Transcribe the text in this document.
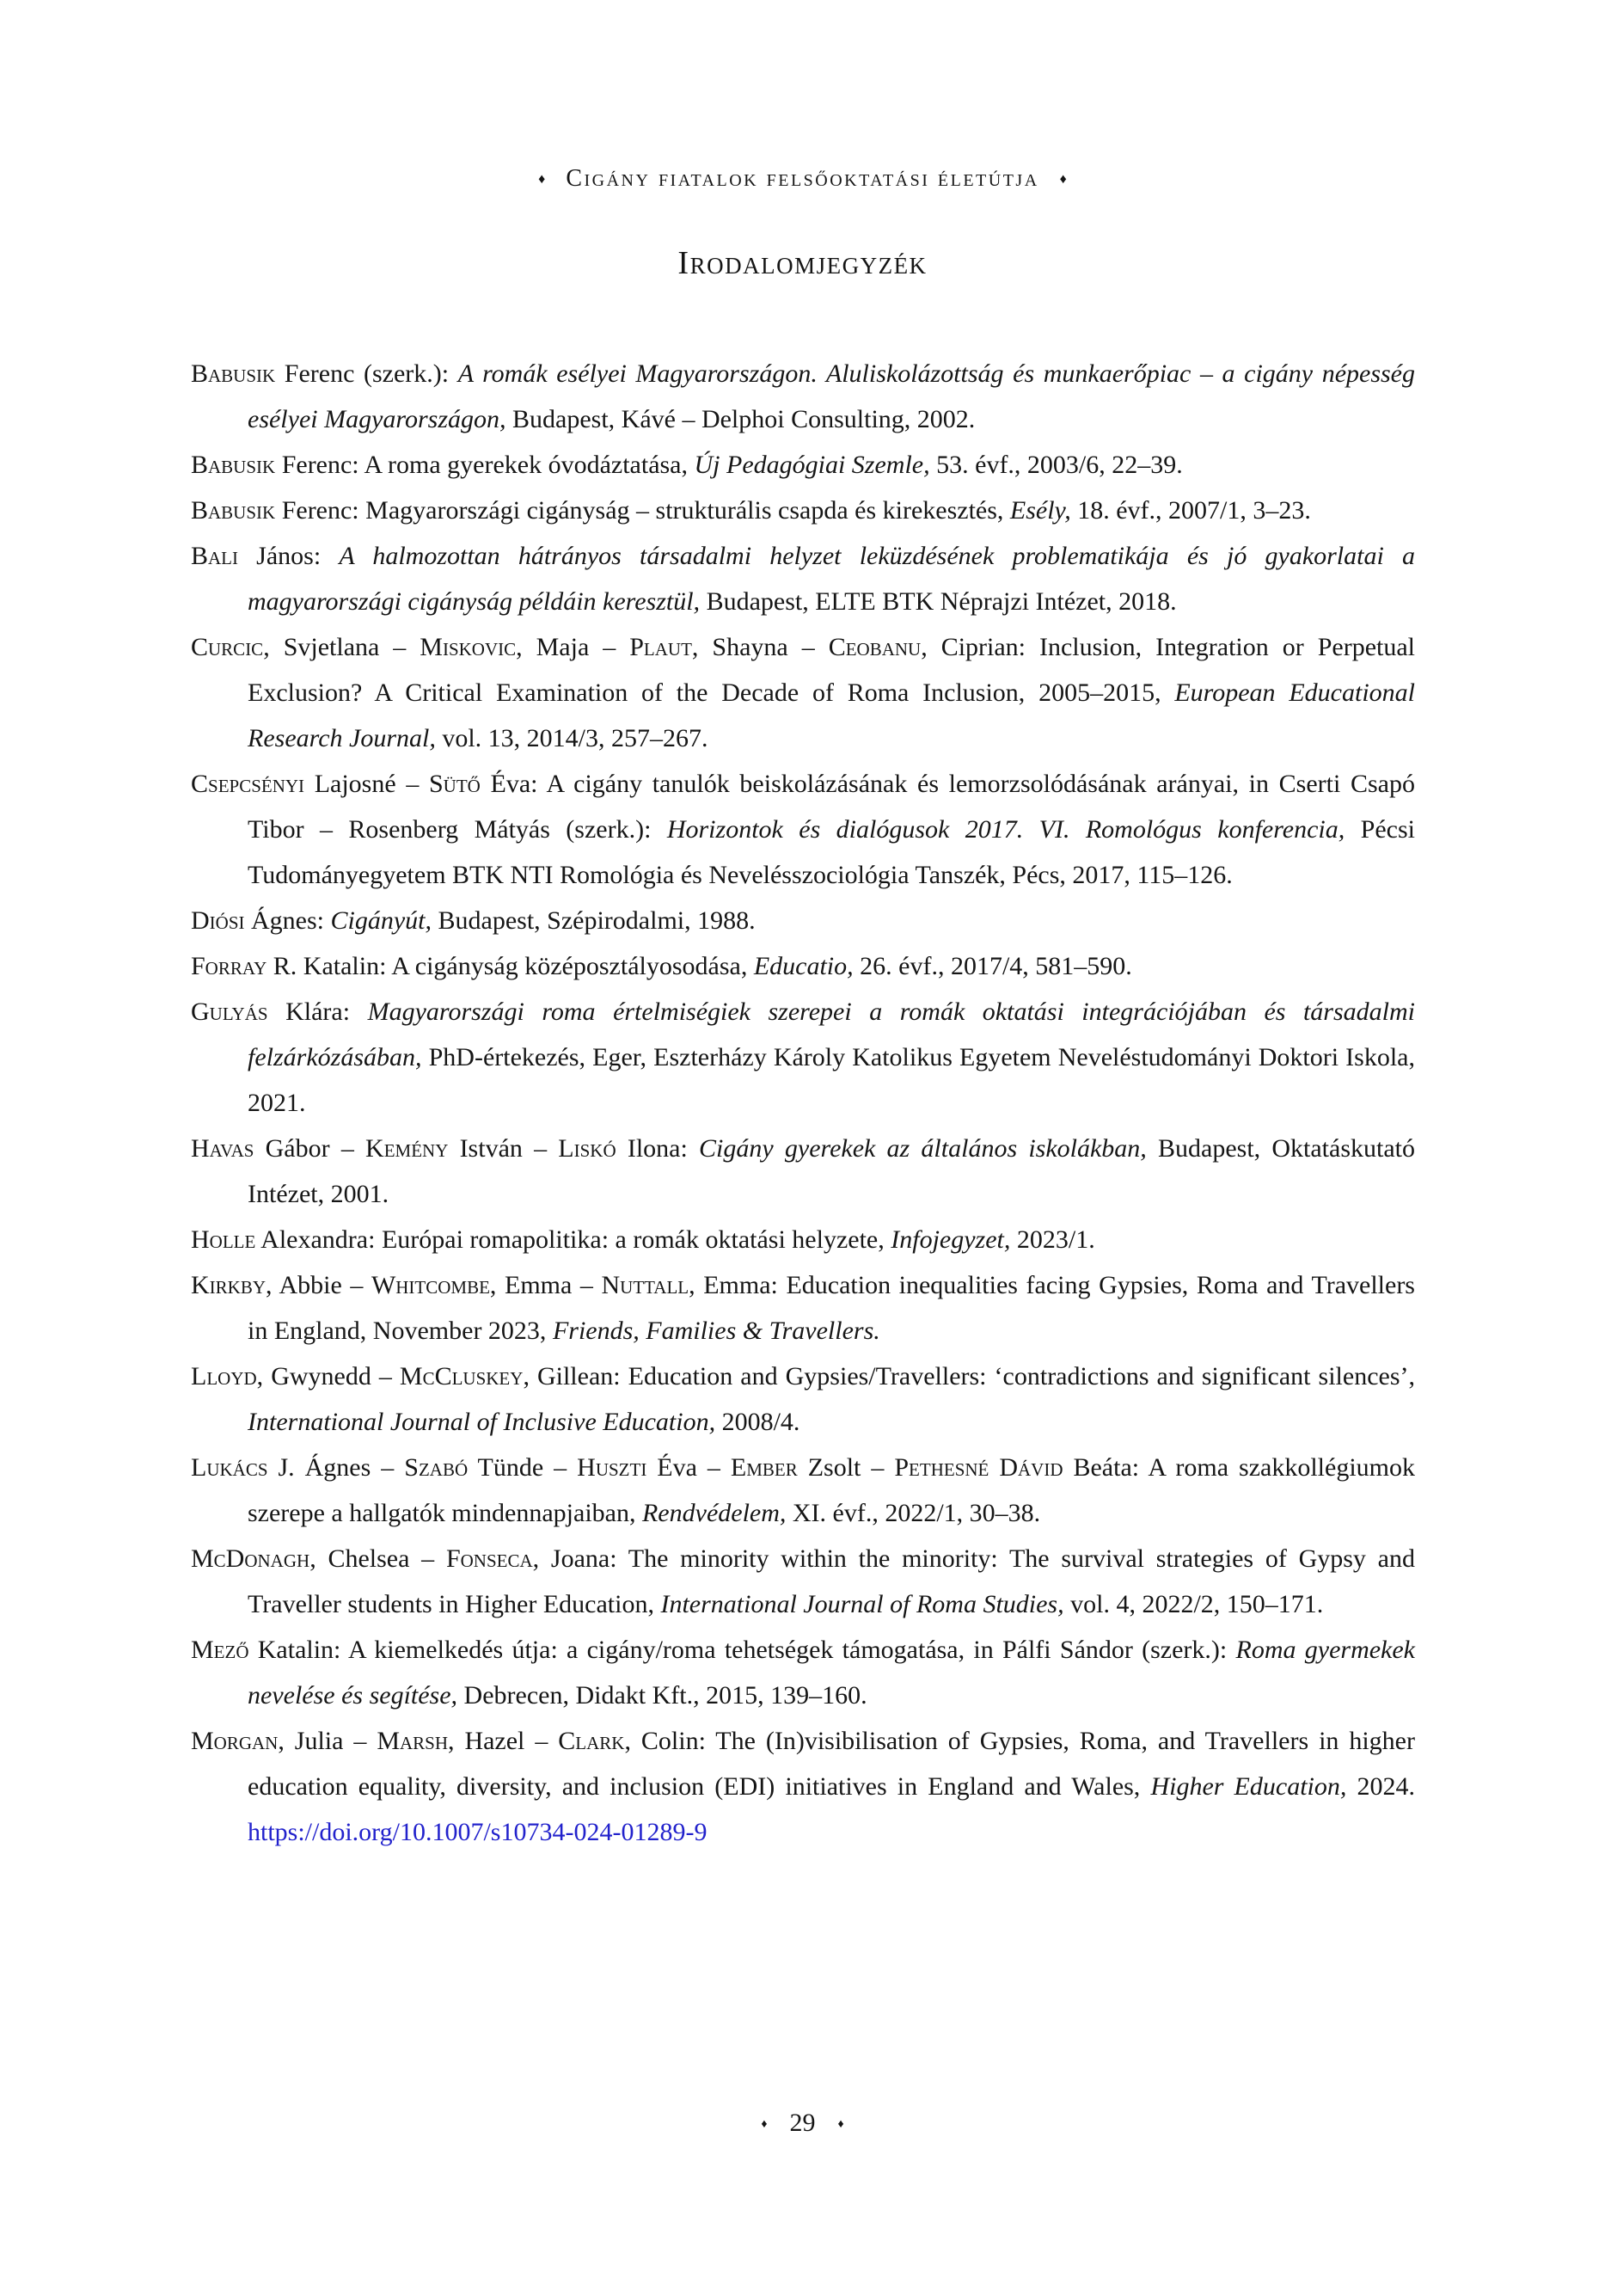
♦ Cigány fiatalok felsőoktatási életútja ♦
Irodalomjegyzék

Babusik Ferenc (szerk.): A romák esélyei Magyarországon. Aluliskolázottság és munkaerőpiac – a cigány népesség esélyei Magyarországon, Budapest, Kávé – Delphoi Consulting, 2002.

Babusik Ferenc: A roma gyerekek óvodáztatása, Új Pedagógiai Szemle, 53. évf., 2003/6, 22–39.

Babusik Ferenc: Magyarországi cigányság – strukturális csapda és kirekesztés, Esély, 18. évf., 2007/1, 3–23.

Bali János: A halmozottan hátrányos társadalmi helyzet leküzdésének problematikája és jó gyakorlatai a magyarországi cigányság példáin keresztül, Budapest, ELTE BTK Néprajzi Intézet, 2018.

Curcic, Svjetlana – Miskovic, Maja – Plaut, Shayna – Ceobanu, Ciprian: Inclusion, Integration or Perpetual Exclusion? A Critical Examination of the Decade of Roma Inclusion, 2005–2015, European Educational Research Journal, vol. 13, 2014/3, 257–267.

Csepcsényi Lajosné – Sütő Éva: A cigány tanulók beiskolázásának és lemorzsolódásának arányai, in Cserti Csapó Tibor – Rosenberg Mátyás (szerk.): Horizontok és dialógusok 2017. VI. Romológus konferencia, Pécsi Tudományegyetem BTK NTI Romológia és Nevelésszociológia Tanszék, Pécs, 2017, 115–126.

Diósi Ágnes: Cigányút, Budapest, Szépirodalmi, 1988.

Forray R. Katalin: A cigányság középosztályosodása, Educatio, 26. évf., 2017/4, 581–590.

Gulyás Klára: Magyarországi roma értelmiségiek szerepei a romák oktatási integrációjában és társadalmi felzárkózásában, PhD-értekezés, Eger, Eszterházy Károly Katolikus Egyetem Neveléstudományi Doktori Iskola, 2021.

Havas Gábor – Kemény István – Liskó Ilona: Cigány gyerekek az általános iskolákban, Budapest, Oktatáskutató Intézet, 2001.

Holle Alexandra: Európai romapolitika: a romák oktatási helyzete, Infojegyzet, 2023/1.

Kirkby, Abbie – Whitcombe, Emma – Nuttall, Emma: Education inequalities facing Gypsies, Roma and Travellers in England, November 2023, Friends, Families & Travellers.

Lloyd, Gwynedd – McCluskey, Gillean: Education and Gypsies/Travellers: ‘contradictions and significant silences’, International Journal of Inclusive Education, 2008/4.

Lukács J. Ágnes – Szabó Tünde – Huszti Éva – Ember Zsolt – Pethesné Dávid Beáta: A roma szakkollégiumok szerepe a hallgatók mindennapjaiban, Rendvédelem, XI. évf., 2022/1, 30–38.

McDonagh, Chelsea – Fonseca, Joana: The minority within the minority: The survival strategies of Gypsy and Traveller students in Higher Education, International Journal of Roma Studies, vol. 4, 2022/2, 150–171.

Mező Katalin: A kiemelkedés útja: a cigány/roma tehetségek támogatása, in Pálfi Sándor (szerk.): Roma gyermekek nevelése és segítése, Debrecen, Didakt Kft., 2015, 139–160.

Morgan, Julia – Marsh, Hazel – Clark, Colin: The (In)visibilisation of Gypsies, Roma, and Travellers in higher education equality, diversity, and inclusion (EDI) initiatives in England and Wales, Higher Education, 2024. https://doi.org/10.1007/s10734-024-01289-9

♦ 29 ♦
